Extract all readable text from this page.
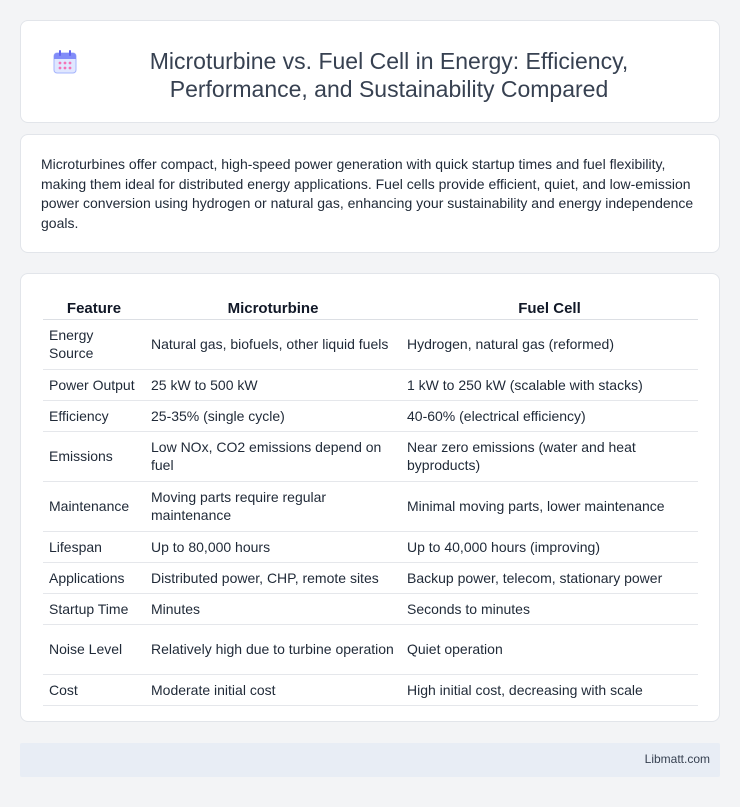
Microturbine vs. Fuel Cell in Energy: Efficiency, Performance, and Sustainability Compared

Microturbines offer compact, high-speed power generation with quick startup times and fuel flexibility, making them ideal for distributed energy applications. Fuel cells provide efficient, quiet, and low-emission power conversion using hydrogen or natural gas, enhancing your sustainability and energy independence goals.

Feature	Microturbine	Fuel Cell
Energy Source	Natural gas, biofuels, other liquid fuels	Hydrogen, natural gas (reformed)
Power Output	25 kW to 500 kW	1 kW to 250 kW (scalable with stacks)
Efficiency	25-35% (single cycle)	40-60% (electrical efficiency)
Emissions	Low NOx, CO2 emissions depend on fuel	Near zero emissions (water and heat byproducts)
Maintenance	Moving parts require regular maintenance	Minimal moving parts, lower maintenance
Lifespan	Up to 80,000 hours	Up to 40,000 hours (improving)
Applications	Distributed power, CHP, remote sites	Backup power, telecom, stationary power
Startup Time	Minutes	Seconds to minutes
Noise Level	Relatively high due to turbine operation	Quiet operation
Cost	Moderate initial cost	High initial cost, decreasing with scale
Libmatt.com
